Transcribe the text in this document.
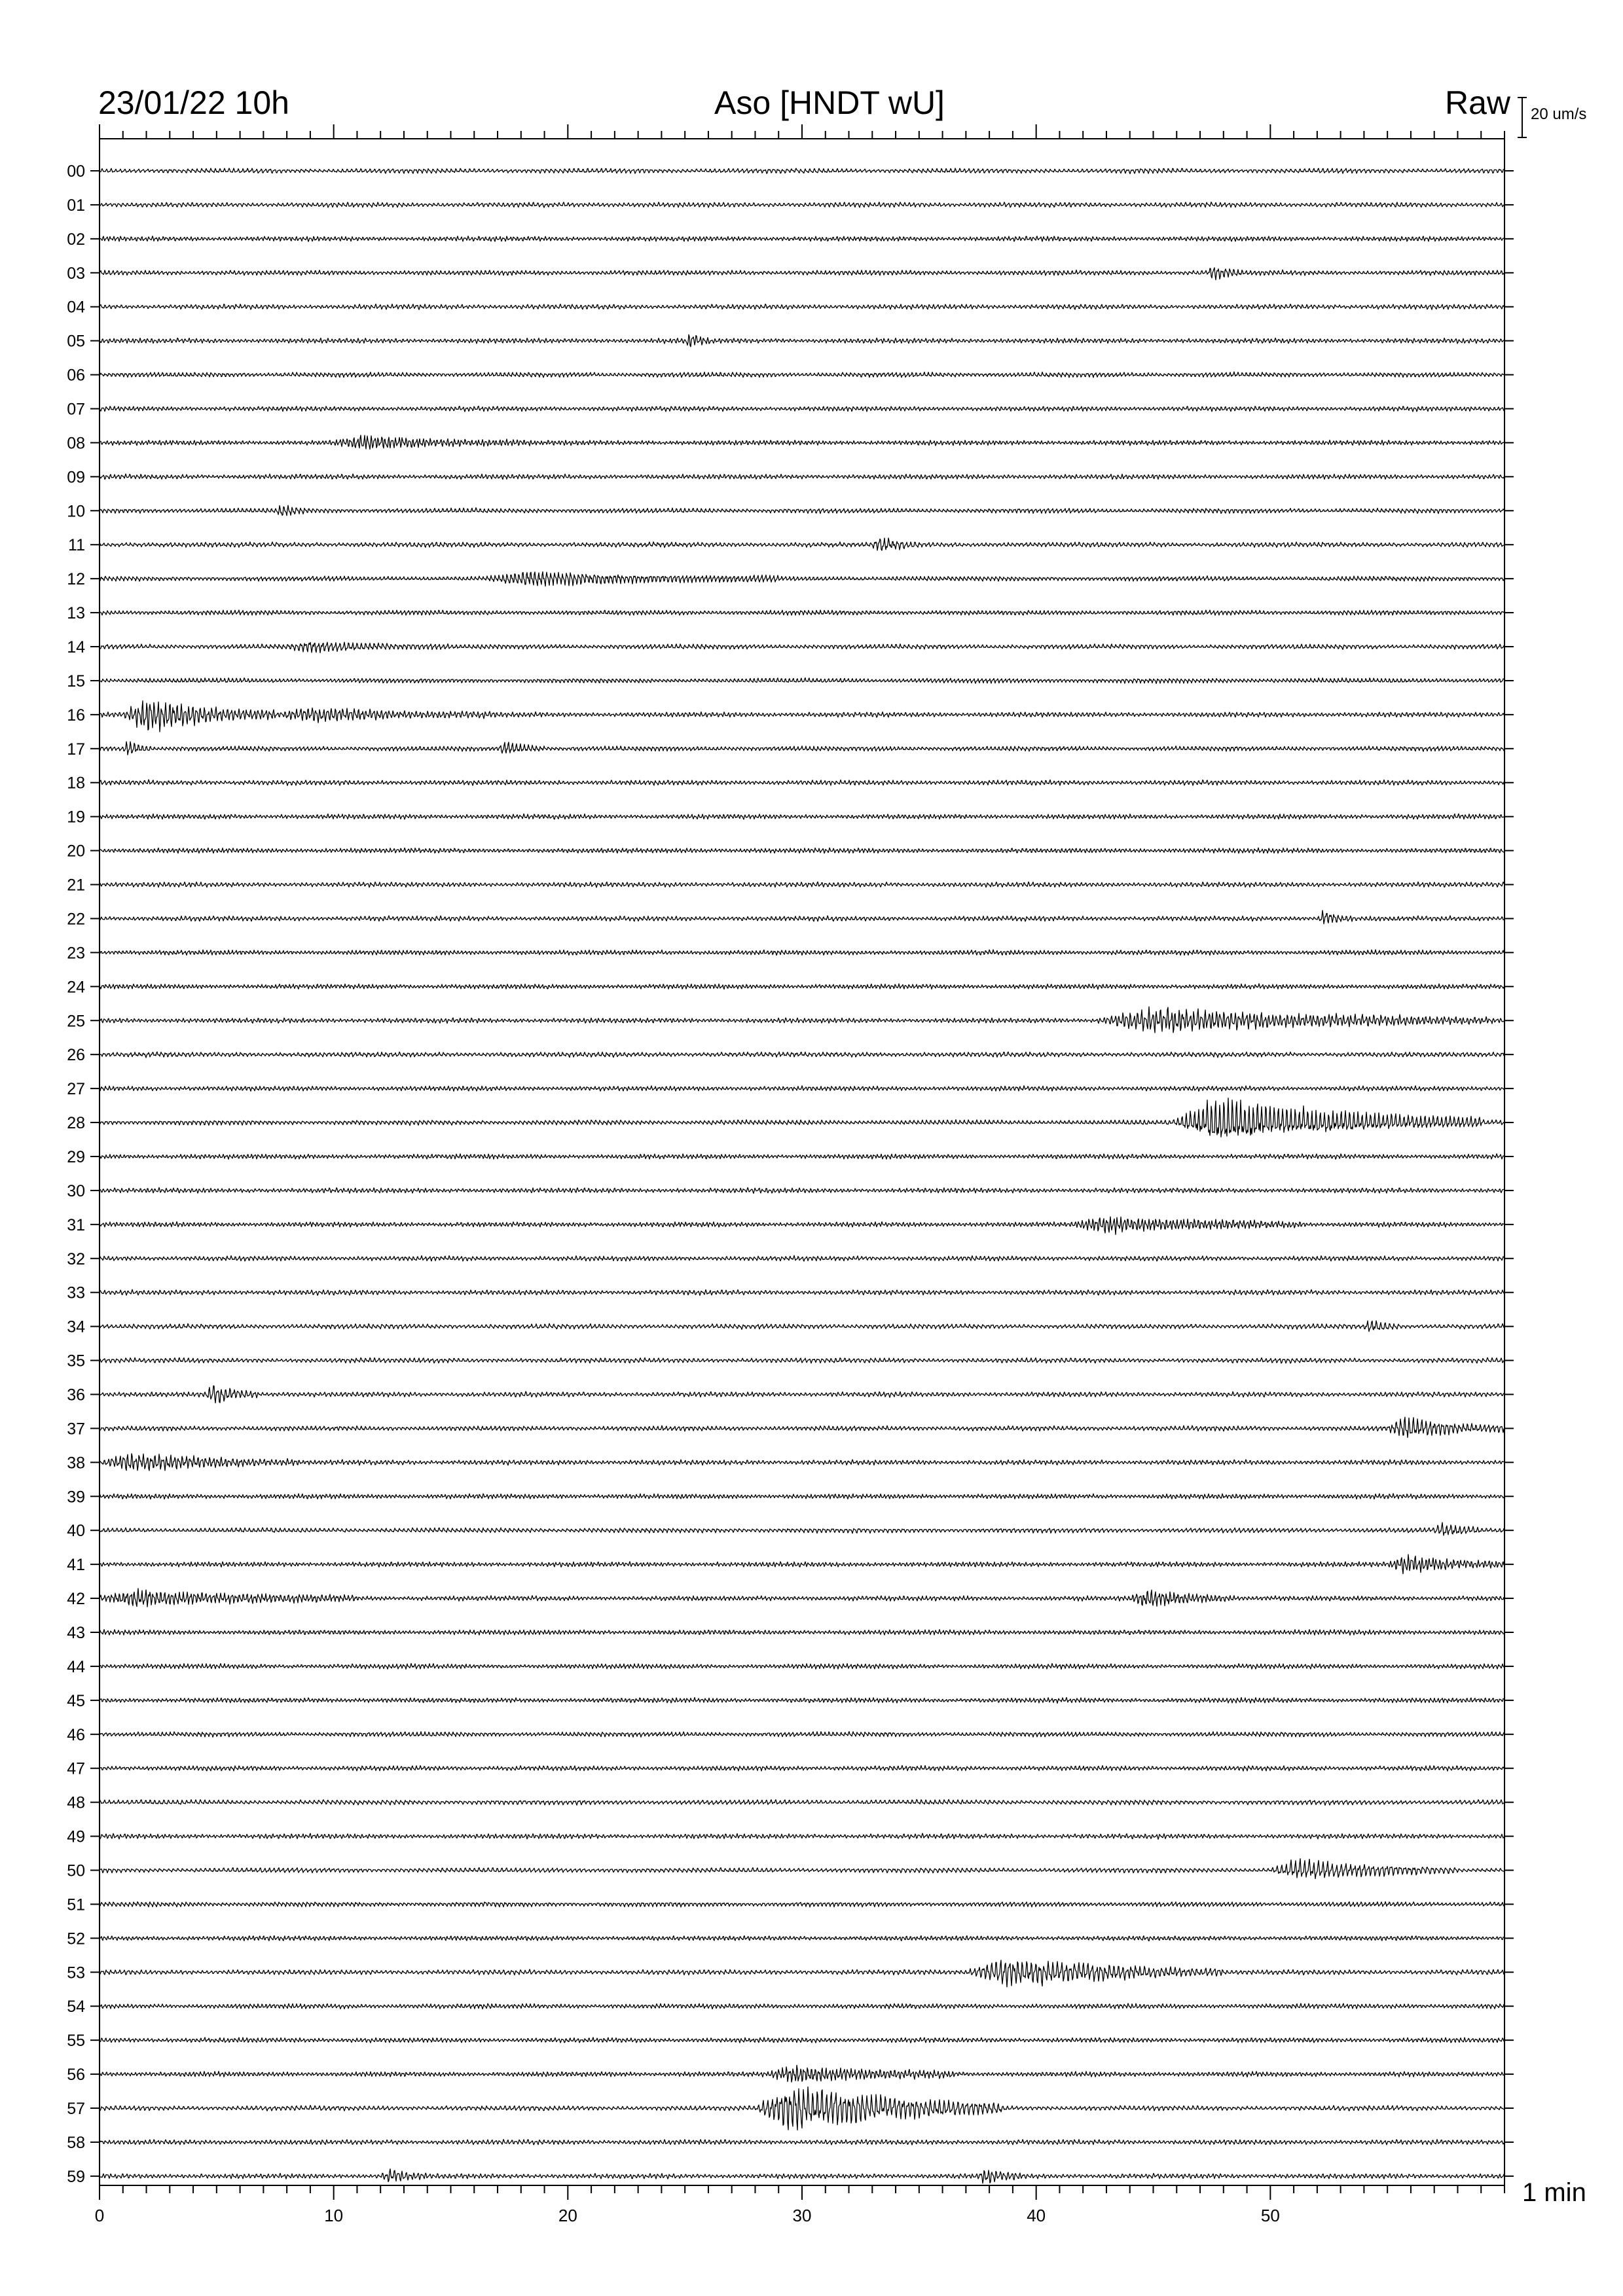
23/01/22 10h	Aso [HNDT wU]	Raw 20 um/s
1 min
0	10	20	30	40	50
00
01
02
03
04
05
06
07
08
09
10
11
12
13
14
15
16
17
18
19
20
21
22
23
24
25
26
27
28
29
30
31
32
33
34
35
36
37
38
39
40
41
42
43
44
45
46
47
48
49
50
51
52
53
54
55
56
57
58
59
